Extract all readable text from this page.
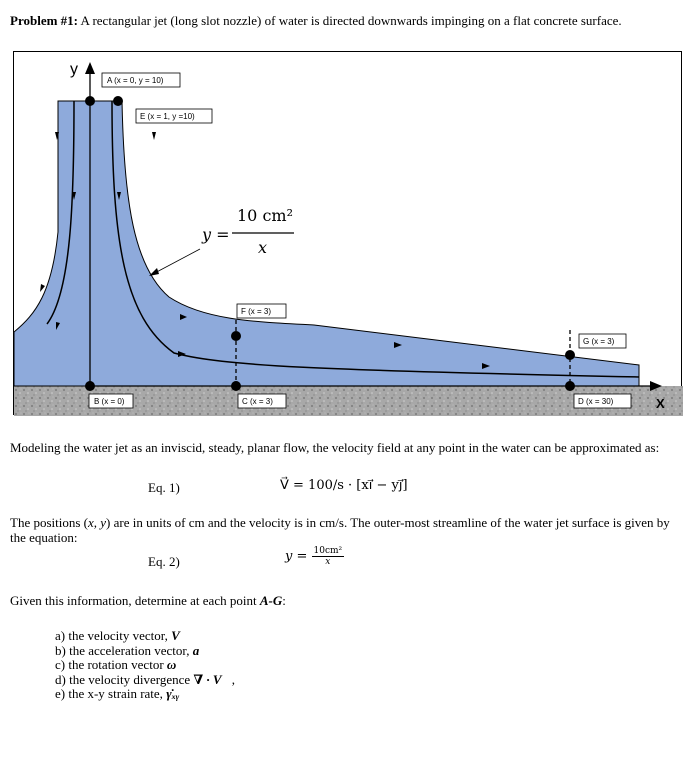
Problem #1: A rectangular jet (long slot nozzle) of water is directed downwards impinging on a flat concrete surface.
y
X
A (x = 0, y = 10)
E (x = 1, y =10)
F (x = 3)
G (x = 3)
B (x = 0)	C (x = 3)	D (x = 30)
y =
10 cm²
x
Modeling the water jet as an inviscid, steady, planar flow, the velocity field at any point in the water can be approximated as:
Eq. 1)	V⃗ = 100/s · [xı⃗ − yȷ⃗]
The positions (x, y) are in units of cm and the velocity is in cm/s. The outer-most streamline of the water jet surface is given by the equation:
Eq. 2)	$y = \frac{\text{10cm²}}{x}$
Given this information, determine at each point A-G:
a) the velocity vector, V⃗
b) the acceleration vector, a⃗
c) the rotation vector ω⃗
d) the velocity divergence ∇ · V⃗,
e) the x-y strain rate, γ̇ₓᵧ
